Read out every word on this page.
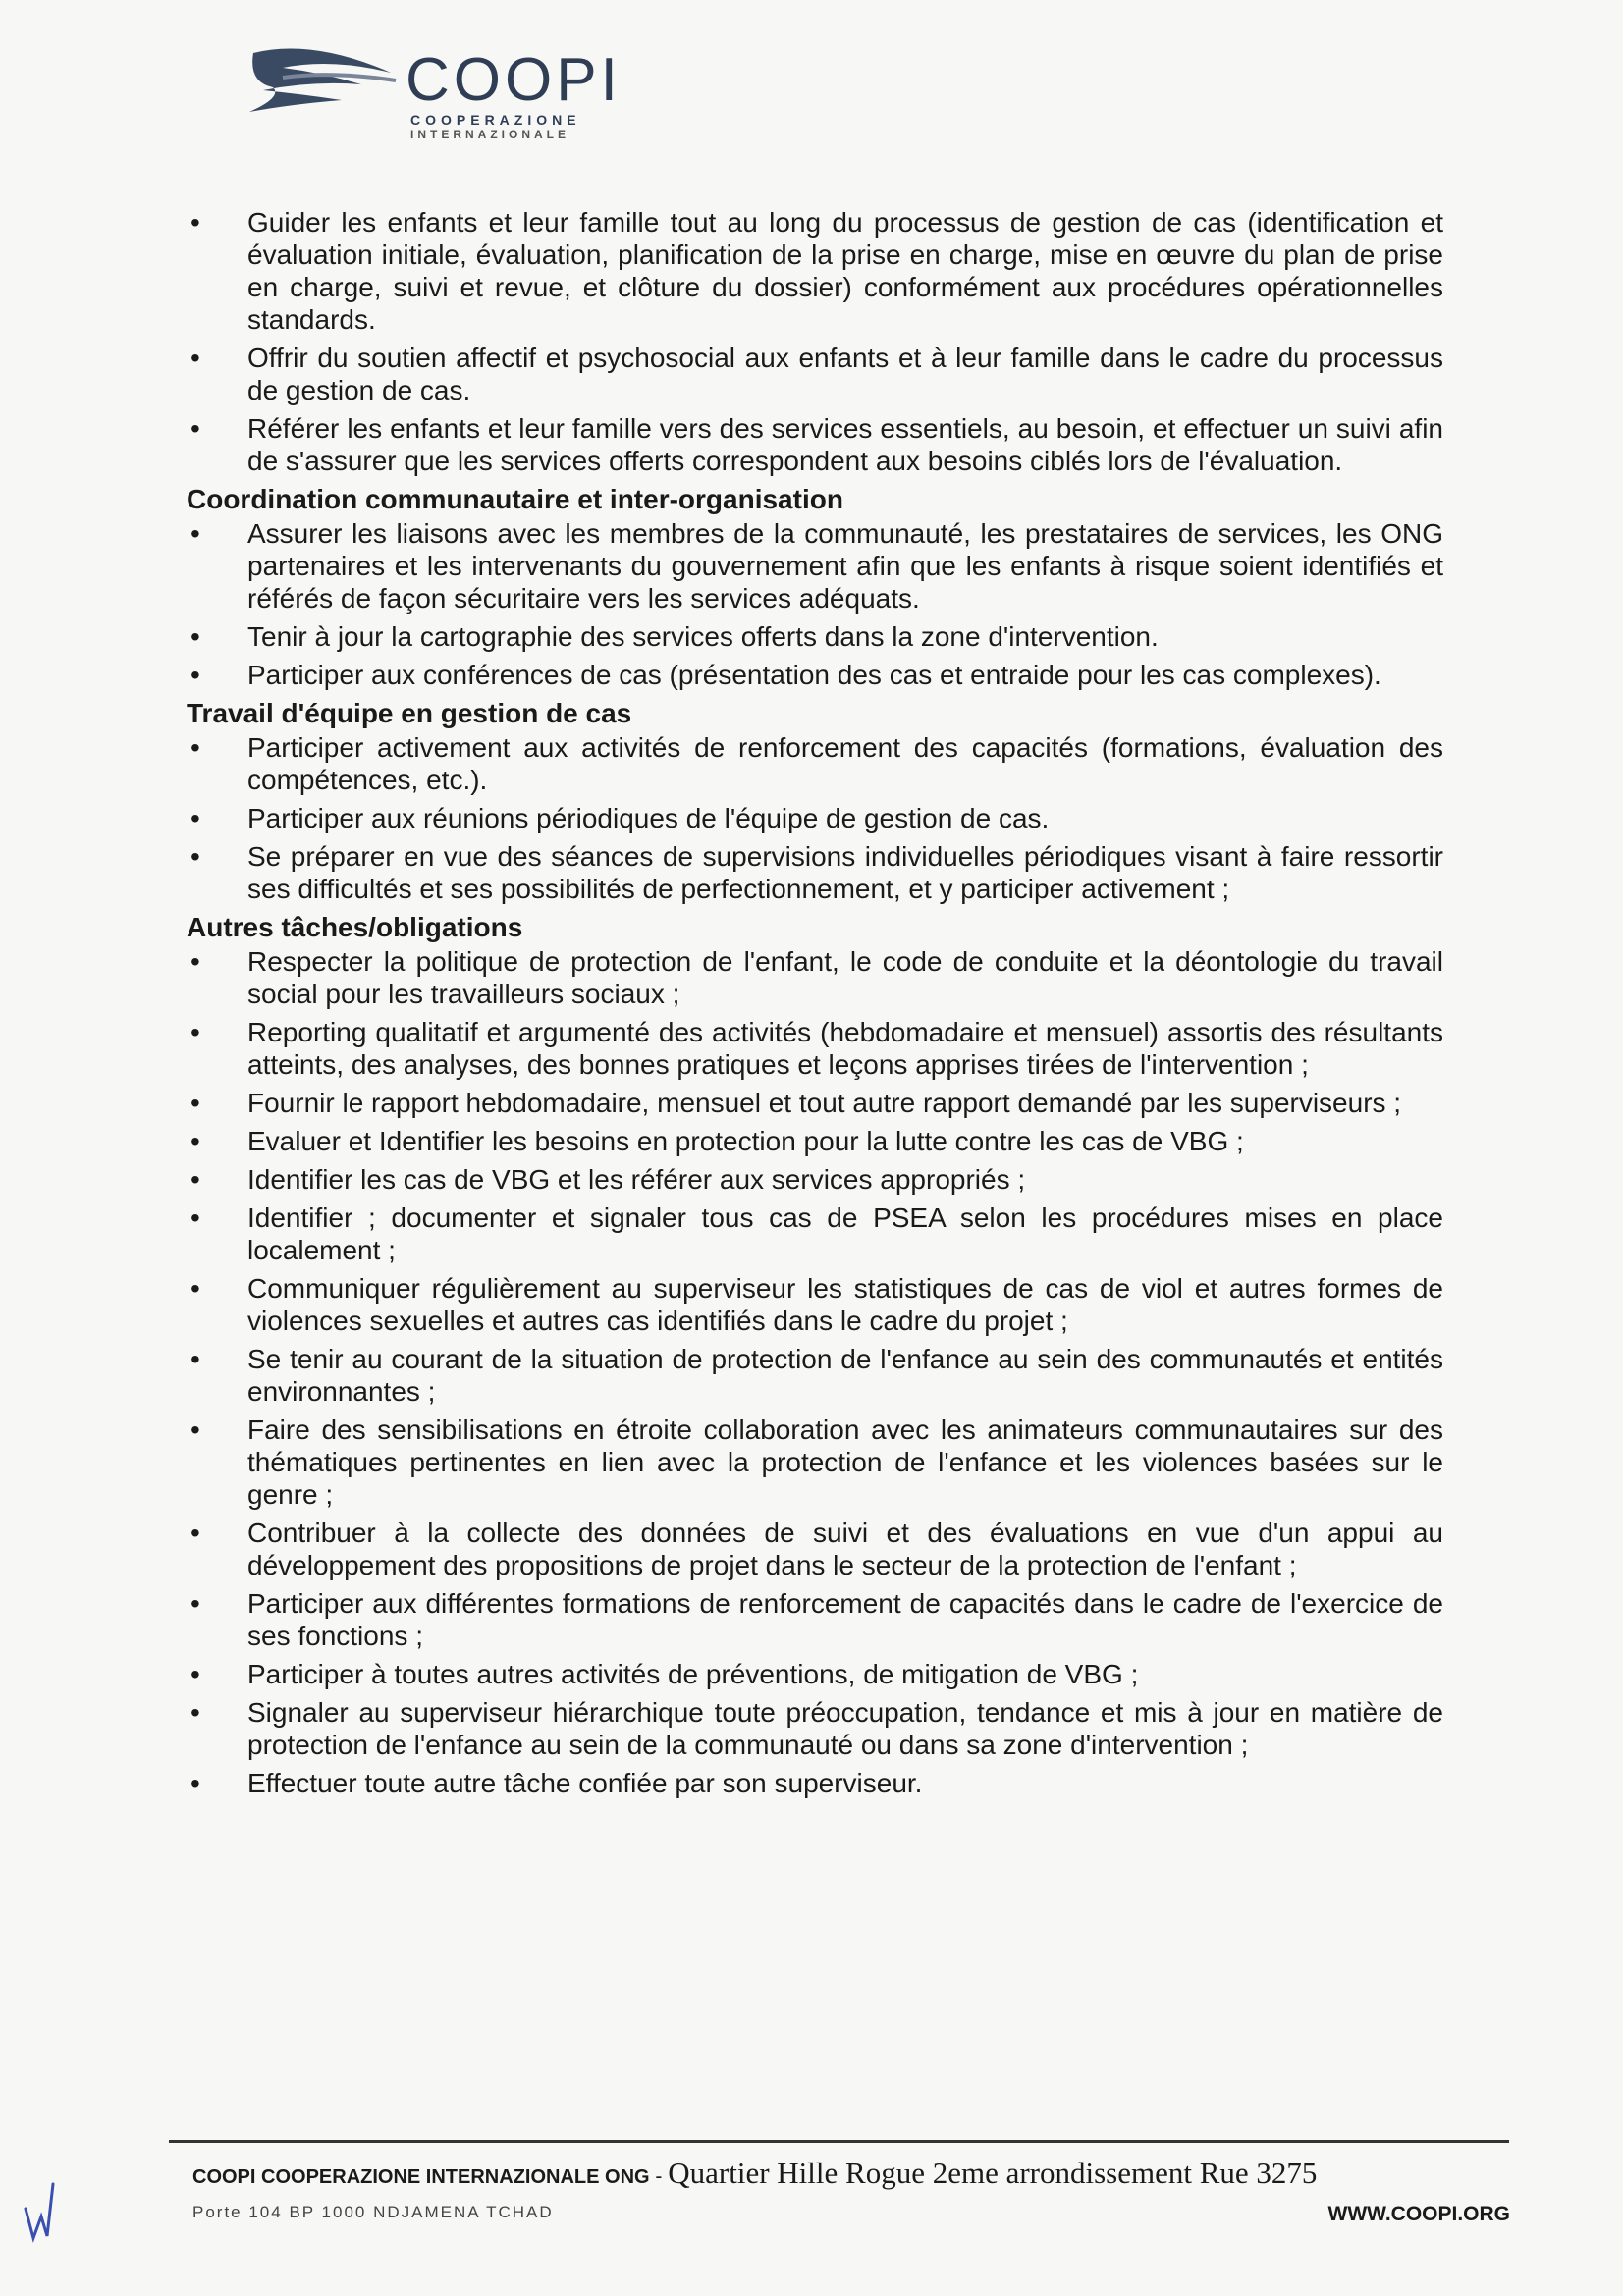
COOPI
COOPERAZIONE
INTERNAZIONALE
• Guider les enfants et leur famille tout au long du processus de gestion de cas (identification et évaluation initiale, évaluation, planification de la prise en charge, mise en œuvre du plan de prise en charge, suivi et revue, et clôture du dossier) conformément aux procédures opérationnelles standards.
• Offrir du soutien affectif et psychosocial aux enfants et à leur famille dans le cadre du processus de gestion de cas.
• Référer les enfants et leur famille vers des services essentiels, au besoin, et effectuer un suivi afin de s'assurer que les services offerts correspondent aux besoins ciblés lors de l'évaluation.
Coordination communautaire et inter-organisation
• Assurer les liaisons avec les membres de la communauté, les prestataires de services, les ONG partenaires et les intervenants du gouvernement afin que les enfants à risque soient identifiés et référés de façon sécuritaire vers les services adéquats.
• Tenir à jour la cartographie des services offerts dans la zone d'intervention.
• Participer aux conférences de cas (présentation des cas et entraide pour les cas complexes).
Travail d'équipe en gestion de cas
• Participer activement aux activités de renforcement des capacités (formations, évaluation des compétences, etc.).
• Participer aux réunions périodiques de l'équipe de gestion de cas.
• Se préparer en vue des séances de supervisions individuelles périodiques visant à faire ressortir ses difficultés et ses possibilités de perfectionnement, et y participer activement ;
Autres tâches/obligations
• Respecter la politique de protection de l'enfant, le code de conduite et la déontologie du travail social pour les travailleurs sociaux ;
• Reporting qualitatif et argumenté des activités (hebdomadaire et mensuel) assortis des résultants atteints, des analyses, des bonnes pratiques et leçons apprises tirées de l'intervention ;
• Fournir le rapport hebdomadaire, mensuel et tout autre rapport demandé par les superviseurs ;
• Evaluer et Identifier les besoins en protection pour la lutte contre les cas de VBG ;
• Identifier les cas de VBG et les référer aux services appropriés ;
• Identifier ; documenter et signaler tous cas de PSEA selon les procédures mises en place localement ;
• Communiquer régulièrement au superviseur les statistiques de cas de viol et autres formes de violences sexuelles et autres cas identifiés dans le cadre du projet ;
• Se tenir au courant de la situation de protection de l'enfance au sein des communautés et entités environnantes ;
• Faire des sensibilisations en étroite collaboration avec les animateurs communautaires sur des thématiques pertinentes en lien avec la protection de l'enfance et les violences basées sur le genre ;
• Contribuer à la collecte des données de suivi et des évaluations en vue d'un appui au développement des propositions de projet dans le secteur de la protection de l'enfant ;
• Participer aux différentes formations de renforcement de capacités dans le cadre de l'exercice de ses fonctions ;
• Participer à toutes autres activités de préventions, de mitigation de VBG ;
• Signaler au superviseur hiérarchique toute préoccupation, tendance et mis à jour en matière de protection de l'enfance au sein de la communauté ou dans sa zone d'intervention ;
• Effectuer toute autre tâche confiée par son superviseur.
COOPI COOPERAZIONE INTERNAZIONALE ONG - Quartier Hille Rogue 2eme arrondissement Rue 3275
Porte 104 BP 1000 NDJAMENA TCHAD	WWW.COOPI.ORG
